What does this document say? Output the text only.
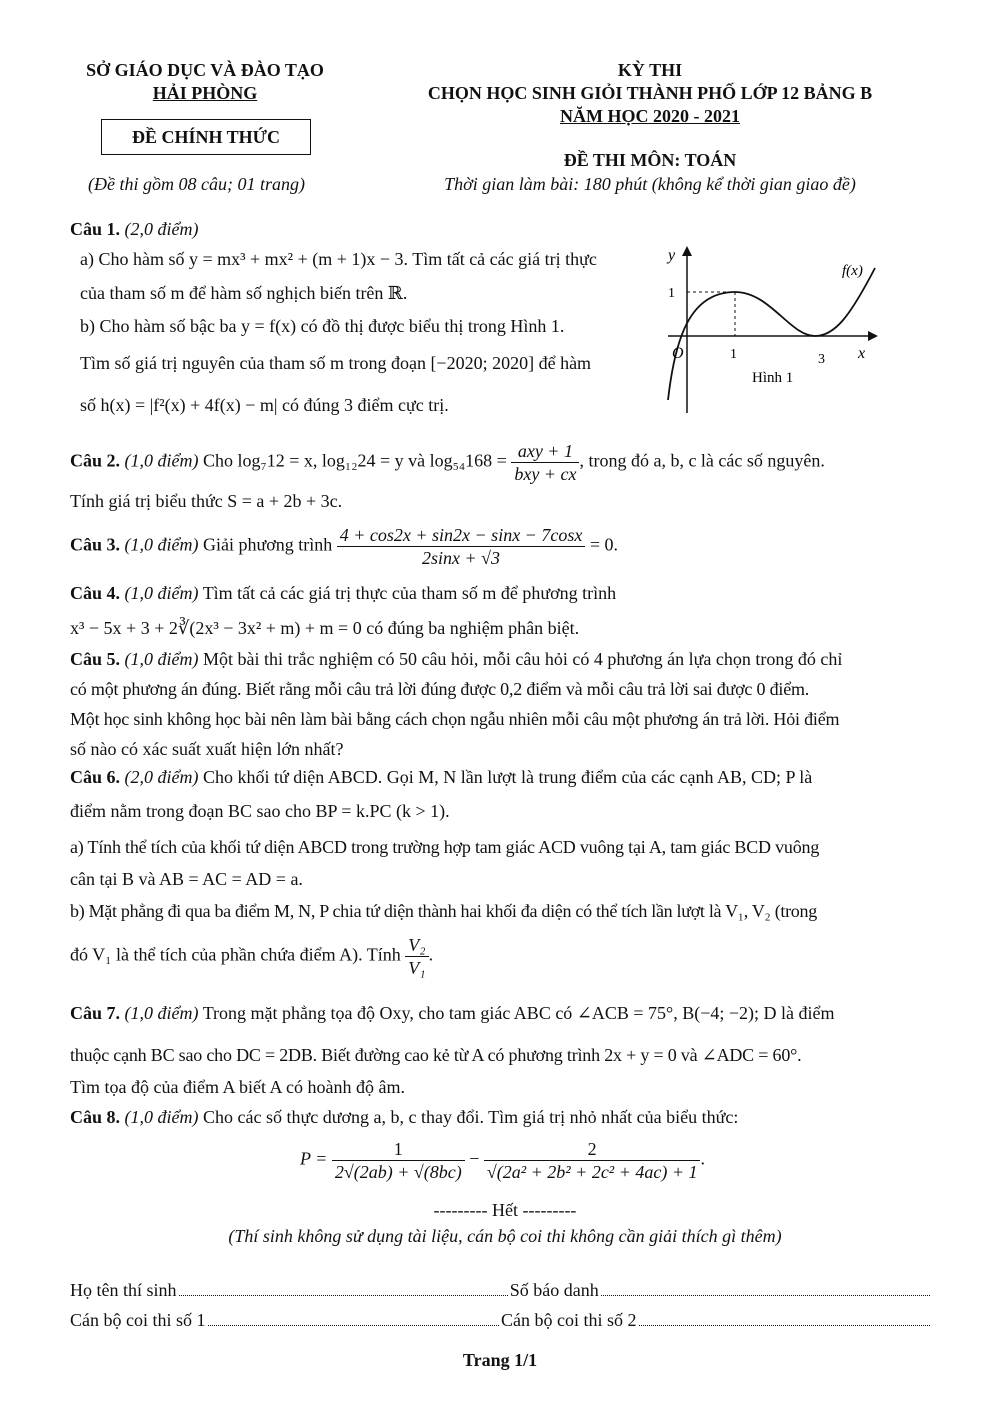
SỞ GIÁO DỤC VÀ ĐÀO TẠO
HẢI PHÒNG
ĐỀ CHÍNH THỨC
(Đề thi gồm 08 câu; 01 trang)
KỲ THI
CHỌN HỌC SINH GIỎI THÀNH PHỐ LỚP 12 BẢNG B
NĂM HỌC 2020 - 2021
ĐỀ THI MÔN: TOÁN
Thời gian làm bài: 180 phút (không kể thời gian giao đề)
Câu 1. (2,0 điểm)
a) Cho hàm số y = mx³ + mx² + (m + 1)x − 3. Tìm tất cả các giá trị thực
của tham số m để hàm số nghịch biến trên ℝ.
b) Cho hàm số bậc ba y = f(x) có đồ thị được biểu thị trong Hình 1.
Tìm số giá trị nguyên của tham số m trong đoạn [−2020; 2020] để hàm
số h(x) = |f²(x) + 4f(x) − m| có đúng 3 điểm cực trị.
y
x
f(x)
O	1	3
1
Hình 1
Câu 2. (1,0 điểm) Cho log₇12 = x, log₁₂24 = y và $\log_{54}168 = \frac{\text{axy + 1}}{\text{bxy + cx}}$ , trong đó a, b, c là các số nguyên.
Tính giá trị biểu thức S = a + 2b + 3c.
Câu 3. (1,0 điểm) Giải phương trình $\frac{4 + \cos 2x + \sin 2x - \sin x - 7\cos x}{2\sin x + √3} = 0$.
Câu 4. (1,0 điểm) Tìm tất cả các giá trị thực của tham số m để phương trình
x³ − 5x + 3 + 2∛(2x³ − 3x² + m) + m = 0 có đúng ba nghiệm phân biệt.
Câu 5. (1,0 điểm) Một bài thi trắc nghiệm có 50 câu hỏi, mỗi câu hỏi có 4 phương án lựa chọn trong đó chỉ
có một phương án đúng. Biết rằng mỗi câu trả lời đúng được 0,2 điểm và mỗi câu trả lời sai được 0 điểm.
Một học sinh không học bài nên làm bài bằng cách chọn ngẫu nhiên mỗi câu một phương án trả lời. Hỏi điểm
số nào có xác suất xuất hiện lớn nhất?
Câu 6. (2,0 điểm) Cho khối tứ diện ABCD. Gọi M, N lần lượt là trung điểm của các cạnh AB, CD; P là
điểm nằm trong đoạn BC sao cho BP = k.PC (k > 1).
a) Tính thể tích của khối tứ diện ABCD trong trường hợp tam giác ACD vuông tại A, tam giác BCD vuông
cân tại B và AB = AC = AD = a.
b) Mặt phẳng đi qua ba điểm M, N, P chia tứ diện thành hai khối đa diện có thể tích lần lượt là V₁, V₂ (trong
đó V₁ là thể tích của phần chứa điểm A). Tính $\frac{\text{V₂}}{\text{V₁}}$ .
Câu 7. (1,0 điểm) Trong mặt phẳng tọa độ Oxy, cho tam giác ABC có ∠ACB = 75°, B(−4; −2); D là điểm
thuộc cạnh BC sao cho DC = 2DB. Biết đường cao kẻ từ A có phương trình 2x + y = 0 và ∠ADC = 60°.
Tìm tọa độ của điểm A biết A có hoành độ âm.
Câu 8. (1,0 điểm) Cho các số thực dương a, b, c thay đổi. Tìm giá trị nhỏ nhất của biểu thức:
$P = \frac{1}{2√(2ab) + √(8bc)} - \frac{2}{\text{√(2a² + 2b² + 2c² + 4ac) + 1}}$ .
--------- Hết ---------
(Thí sinh không sử dụng tài liệu, cán bộ coi thi không cần giải thích gì thêm)
Họ tên thí sinh	Số báo danh
Cán bộ coi thi số 1	Cán bộ coi thi số 2
Trang 1/1
